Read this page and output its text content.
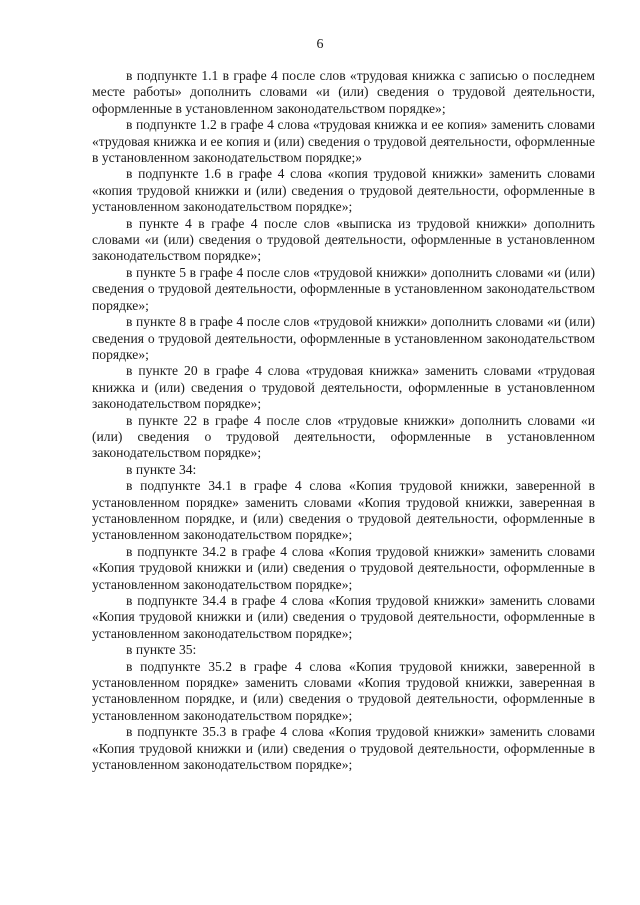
6

в подпункте 1.1 в графе 4 после слов «трудовая книжка с записью о последнем месте работы» дополнить словами «и (или) сведения о трудовой деятельности, оформленные в установленном законодательством порядке»;

в подпункте 1.2 в графе 4 слова «трудовая книжка и ее копия» заменить словами «трудовая книжка и ее копия и (или) сведения о трудовой деятельности, оформленные в установленном законодательством порядке;»

в подпункте 1.6 в графе 4 слова «копия трудовой книжки» заменить словами «копия трудовой книжки и (или) сведения о трудовой деятельности, оформленные в установленном законодательством порядке»;

в пункте 4 в графе 4 после слов «выписка из трудовой книжки» дополнить словами «и (или) сведения о трудовой деятельности, оформленные в установленном законодательством порядке»;

в пункте 5 в графе 4 после слов «трудовой книжки» дополнить словами «и (или) сведения о трудовой деятельности, оформленные в установленном законодательством порядке»;

в пункте 8 в графе 4 после слов «трудовой книжки» дополнить словами «и (или) сведения о трудовой деятельности, оформленные в установленном законодательством порядке»;

в пункте 20 в графе 4 слова «трудовая книжка» заменить словами «трудовая книжка и (или) сведения о трудовой деятельности, оформленные в установленном законодательством порядке»;

в пункте 22 в графе 4 после слов «трудовые книжки» дополнить словами «и (или) сведения о трудовой деятельности, оформленные в установленном законодательством порядке»;

в пункте 34:

в подпункте 34.1 в графе 4 слова «Копия трудовой книжки, заверенной в установленном порядке» заменить словами «Копия трудовой книжки, заверенная в установленном порядке, и (или) сведения о трудовой деятельности, оформленные в установленном законодательством порядке»;

в подпункте 34.2 в графе 4 слова «Копия трудовой книжки» заменить словами «Копия трудовой книжки и (или) сведения о трудовой деятельности, оформленные в установленном законодательством порядке»;

в подпункте 34.4 в графе 4 слова «Копия трудовой книжки» заменить словами «Копия трудовой книжки и (или) сведения о трудовой деятельности, оформленные в установленном законодательством порядке»;

в пункте 35:

в подпункте 35.2 в графе 4 слова «Копия трудовой книжки, заверенной в установленном порядке» заменить словами «Копия трудовой книжки, заверенная в установленном порядке, и (или) сведения о трудовой деятельности, оформленные в установленном законодательством порядке»;

в подпункте 35.3 в графе 4 слова «Копия трудовой книжки» заменить словами «Копия трудовой книжки и (или) сведения о трудовой деятельности, оформленные в установленном законодательством порядке»;
